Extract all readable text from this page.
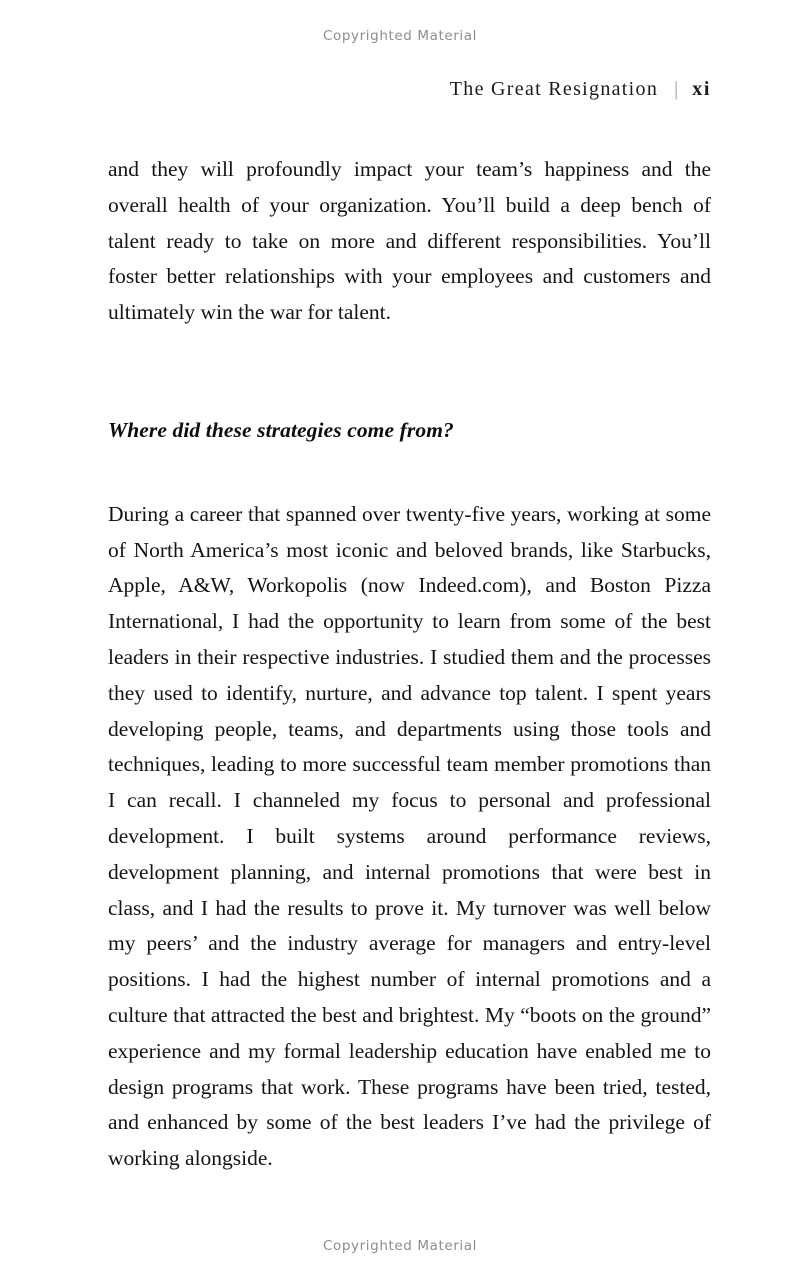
Copyrighted Material
The Great Resignation | xi

and they will profoundly impact your team’s happiness and the overall health of your organization. You’ll build a deep bench of talent ready to take on more and different responsibilities. You’ll foster better relationships with your employees and customers and ultimately win the war for talent.

Where did these strategies come from?

During a career that spanned over twenty-five years, working at some of North America’s most iconic and beloved brands, like Starbucks, Apple, A&W, Workopolis (now Indeed.com), and Boston Pizza International, I had the opportunity to learn from some of the best leaders in their respective industries. I studied them and the processes they used to identify, nurture, and advance top talent. I spent years developing people, teams, and departments using those tools and techniques, leading to more successful team member promotions than I can recall. I channeled my focus to personal and professional development. I built systems around performance reviews, development planning, and internal promotions that were best in class, and I had the results to prove it. My turnover was well below my peers’ and the industry average for managers and entry-level positions. I had the highest number of internal promotions and a culture that attracted the best and brightest. My “boots on the ground” experience and my formal leadership education have enabled me to design programs that work. These programs have been tried, tested, and enhanced by some of the best leaders I’ve had the privilege of working alongside.

Copyrighted Material
